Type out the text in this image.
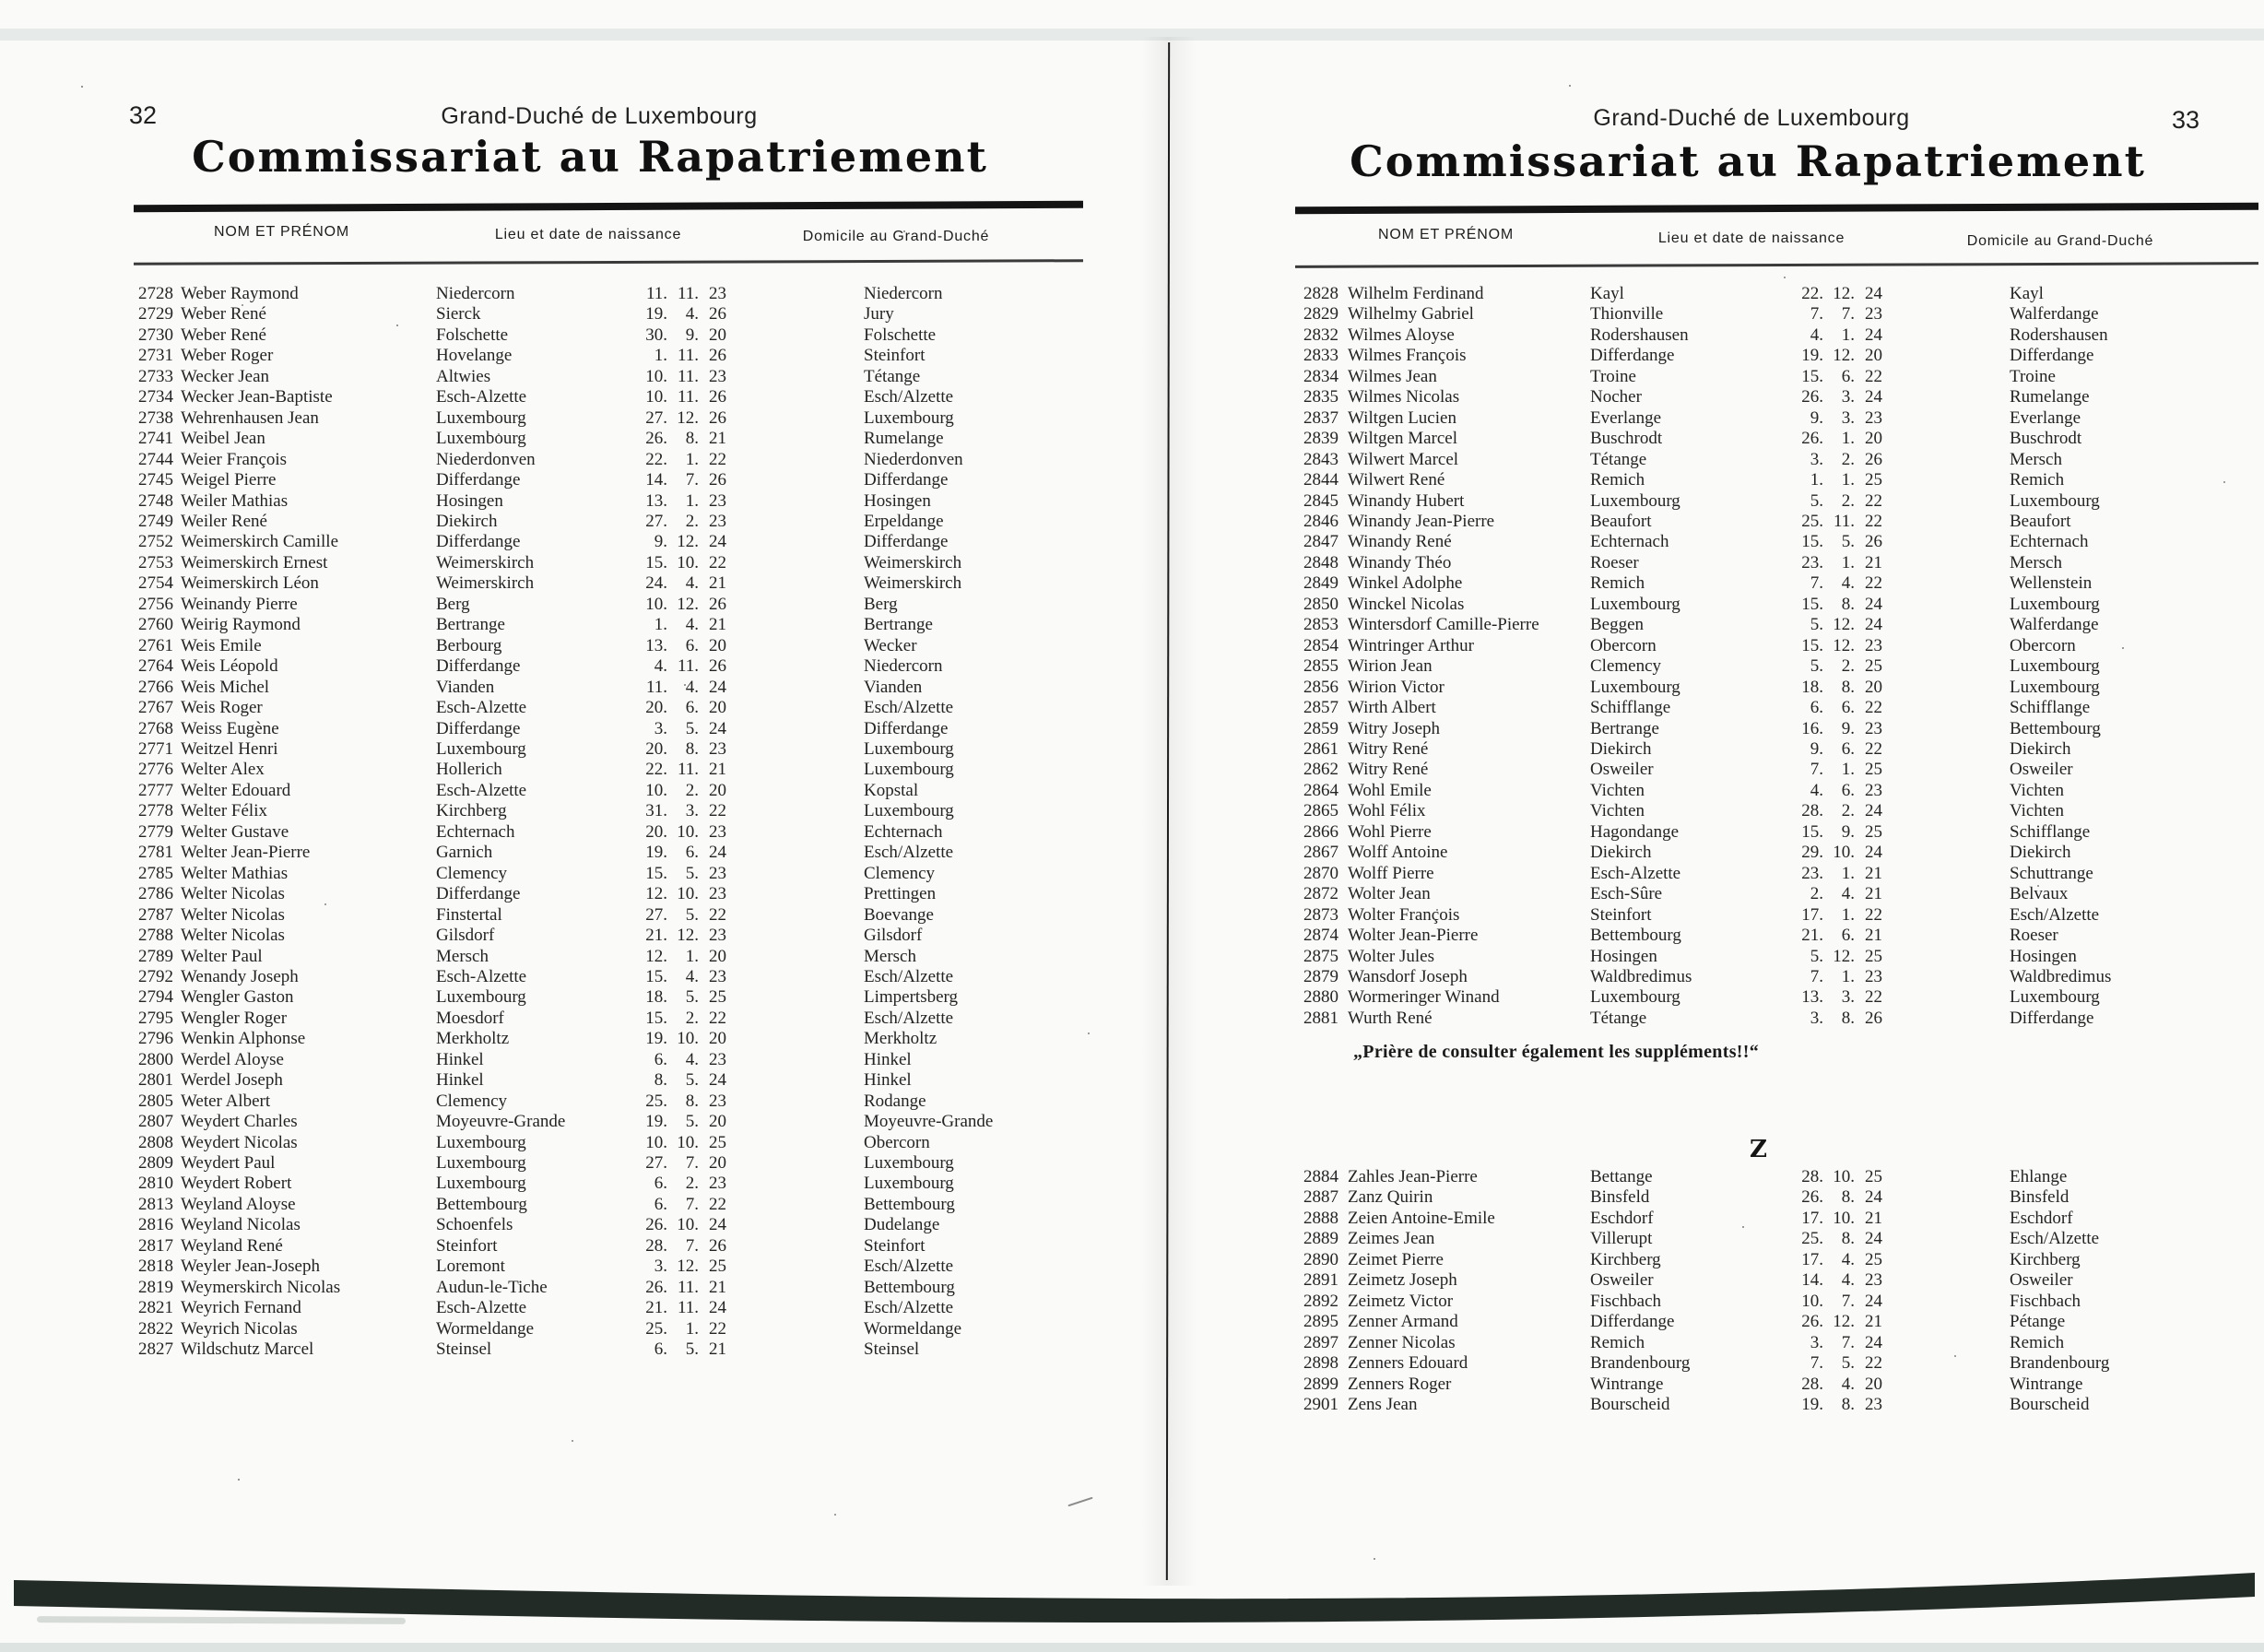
32	Grand-Duché de Luxembourg
Commissariat au Rapatriement
NOM ET PRÉNOM	Lieu et date de naissance	Domicile au Grand-Duché
2728 Weber Raymond	Niedercorn	11. 11. 23	Niedercorn
2729 Weber René	Sierck	19.	4. 26	Jury
2730 Weber René	Folschette	30.	9. 20	Folschette
2731 Weber Roger	Hovelange	1. 11. 26	Steinfort
2733 Wecker Jean	Altwies	10. 11. 23	Tétange
2734 Wecker Jean-Baptiste	Esch-Alzette	10. 11. 26	Esch/Alzette
2738 Wehrenhausen Jean	Luxembourg	27. 12. 26	Luxembourg
2741 Weibel Jean	Luxembourg	26.	8. 21	Rumelange
2744 Weier François	Niederdonven	22.	1. 22	Niederdonven
2745 Weigel Pierre	Differdange	14.	7. 26	Differdange
2748 Weiler Mathias	Hosingen	13.	1. 23	Hosingen
2749 Weiler René	Diekirch	27.	2. 23	Erpeldange
2752 Weimerskirch Camille	Differdange	9. 12. 24	Differdange
2753 Weimerskirch Ernest	Weimerskirch	15. 10. 22	Weimerskirch
2754 Weimerskirch Léon	Weimerskirch	24.	4. 21	Weimerskirch
2756 Weinandy Pierre	Berg	10. 12. 26	Berg
2760 Weirig Raymond	Bertrange	1.	4. 21	Bertrange
2761 Weis Emile	Berbourg	13.	6. 20	Wecker
2764 Weis Léopold	Differdange	4. 11. 26	Niedercorn
2766 Weis Michel	Vianden	11.	4. 24	Vianden
2767 Weis Roger	Esch-Alzette	20.	6. 20	Esch/Alzette
2768 Weiss Eugène	Differdange	3.	5. 24	Differdange
2771 Weitzel Henri	Luxembourg	20.	8. 23	Luxembourg
2776 Welter Alex	Hollerich	22. 11. 21	Luxembourg
2777 Welter Edouard	Esch-Alzette	10.	2. 20	Kopstal
2778 Welter Félix	Kirchberg	31.	3. 22	Luxembourg
2779 Welter Gustave	Echternach	20. 10. 23	Echternach
2781 Welter Jean-Pierre	Garnich	19.	6. 24	Esch/Alzette
2785 Welter Mathias	Clemency	15.	5. 23	Clemency
2786 Welter Nicolas	Differdange	12. 10. 23	Prettingen
2787 Welter Nicolas	Finstertal	27.	5. 22	Boevange
2788 Welter Nicolas	Gilsdorf	21. 12. 23	Gilsdorf
2789 Welter Paul	Mersch	12.	1. 20	Mersch
2792 Wenandy Joseph	Esch-Alzette	15.	4. 23	Esch/Alzette
2794 Wengler Gaston	Luxembourg	18.	5. 25	Limpertsberg
2795 Wengler Roger	Moesdorf	15.	2. 22	Esch/Alzette
2796 Wenkin Alphonse	Merkholtz	19. 10. 20	Merkholtz
2800 Werdel Aloyse	Hinkel	6.	4. 23	Hinkel
2801 Werdel Joseph	Hinkel	8.	5. 24	Hinkel
2805 Weter Albert	Clemency	25.	8. 23	Rodange
2807 Weydert Charles	Moyeuvre-Grande	19.	5. 20	Moyeuvre-Grande
2808 Weydert Nicolas	Luxembourg	10. 10. 25	Obercorn
2809 Weydert Paul	Luxembourg	27.	7. 20	Luxembourg
2810 Weydert Robert	Luxembourg	6.	2. 23	Luxembourg
2813 Weyland Aloyse	Bettembourg	6.	7. 22	Bettembourg
2816 Weyland Nicolas	Schoenfels	26. 10. 24	Dudelange
2817 Weyland René	Steinfort	28.	7. 26	Steinfort
2818 Weyler Jean-Joseph	Loremont	3. 12. 25	Esch/Alzette
2819 Weymerskirch Nicolas	Audun-le-Tiche	26. 11. 21	Bettembourg
2821 Weyrich Fernand	Esch-Alzette	21. 11. 24	Esch/Alzette
2822 Weyrich Nicolas	Wormeldange	25.	1. 22	Wormeldange
2827 Wildschutz Marcel	Steinsel	6.	5. 21	Steinsel
Grand-Duché de Luxembourg	33
Commissariat au Rapatriement
NOM ET PRÉNOM	Lieu et date de naissance	Domicile au Grand-Duché
2828 Wilhelm Ferdinand	Kayl	22. 12. 24	Kayl
2829 Wilhelmy Gabriel	Thionville	7.	7. 23	Walferdange
2832 Wilmes Aloyse	Rodershausen	4.	1. 24	Rodershausen
2833 Wilmes François	Differdange	19. 12. 20	Differdange
2834 Wilmes Jean	Troine	15.	6. 22	Troine
2835 Wilmes Nicolas	Nocher	26.	3. 24	Rumelange
2837 Wiltgen Lucien	Everlange	9.	3. 23	Everlange
2839 Wiltgen Marcel	Buschrodt	26.	1. 20	Buschrodt
2843 Wilwert Marcel	Tétange	3.	2. 26	Mersch
2844 Wilwert René	Remich	1.	1. 25	Remich
2845 Winandy Hubert	Luxembourg	5.	2. 22	Luxembourg
2846 Winandy Jean-Pierre	Beaufort	25. 11. 22	Beaufort
2847 Winandy René	Echternach	15.	5. 26	Echternach
2848 Winandy Théo	Roeser	23.	1. 21	Mersch
2849 Winkel Adolphe	Remich	7.	4. 22	Wellenstein
2850 Winckel Nicolas	Luxembourg	15.	8. 24	Luxembourg
2853 Wintersdorf Camille-Pierre	Beggen	5. 12. 24	Walferdange
2854 Wintringer Arthur	Obercorn	15. 12. 23	Obercorn
2855 Wirion Jean	Clemency	5.	2. 25	Luxembourg
2856 Wirion Victor	Luxembourg	18.	8. 20	Luxembourg
2857 Wirth Albert	Schifflange	6.	6. 22	Schifflange
2859 Witry Joseph	Bertrange	16.	9. 23	Bettembourg
2861 Witry René	Diekirch	9.	6. 22	Diekirch
2862 Witry René	Osweiler	7.	1. 25	Osweiler
2864 Wohl Emile	Vichten	4.	6. 23	Vichten
2865 Wohl Félix	Vichten	28.	2. 24	Vichten
2866 Wohl Pierre	Hagondange	15.	9. 25	Schifflange
2867 Wolff Antoine	Diekirch	29. 10. 24	Diekirch
2870 Wolff Pierre	Esch-Alzette	23.	1. 21	Schuttrange
2872 Wolter Jean	Esch-Sûre	2.	4. 21	Belvaux
2873 Wolter François	Steinfort	17.	1. 22	Esch/Alzette
2874 Wolter Jean-Pierre	Bettembourg	21.	6. 21	Roeser
2875 Wolter Jules	Hosingen	5. 12. 25	Hosingen
2879 Wansdorf Joseph	Waldbredimus	7.	1. 23	Waldbredimus
2880 Wormeringer Winand	Luxembourg	13.	3. 22	Luxembourg
2881 Wurth René	Tétange	3.	8. 26	Differdange
„Prière de consulter également les suppléments!!“
Z
2884 Zahles Jean-Pierre	Bettange	28. 10. 25	Ehlange
2887 Zanz Quirin	Binsfeld	26.	8. 24	Binsfeld
2888 Zeien Antoine-Emile	Eschdorf	17. 10. 21	Eschdorf
2889 Zeimes Jean	Villerupt	25.	8. 24	Esch/Alzette
2890 Zeimet Pierre	Kirchberg	17.	4. 25	Kirchberg
2891 Zeimetz Joseph	Osweiler	14.	4. 23	Osweiler
2892 Zeimetz Victor	Fischbach	10.	7. 24	Fischbach
2895 Zenner Armand	Differdange	26. 12. 21	Pétange
2897 Zenner Nicolas	Remich	3.	7. 24	Remich
2898 Zenners Edouard	Brandenbourg	7.	5. 22	Brandenbourg
2899 Zenners Roger	Wintrange	28.	4. 20	Wintrange
2901 Zens Jean	Bourscheid	19.	8. 23	Bourscheid
